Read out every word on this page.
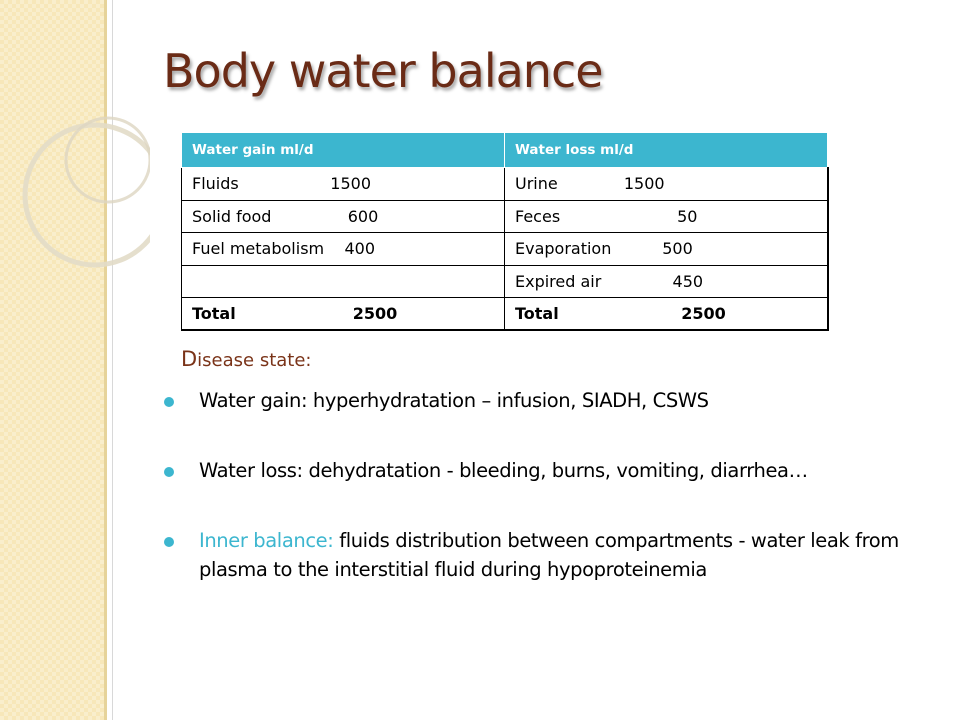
Body water balance
Water gain ml/d	Water loss ml/d
Fluids                  1500	Urine             1500
Solid food               600	Feces                       50
Fuel metabolism    400	Evaporation          500
	Expired air              450
Total                     2500	Total                      2500
Disease state:
Water gain: hyperhydratation – infusion, SIADH, CSWS
Water loss: dehydratation - bleeding, burns, vomiting, diarrhea…
Inner balance: fluids distribution between compartments - water leak from plasma to the interstitial fluid during hypoproteinemia
